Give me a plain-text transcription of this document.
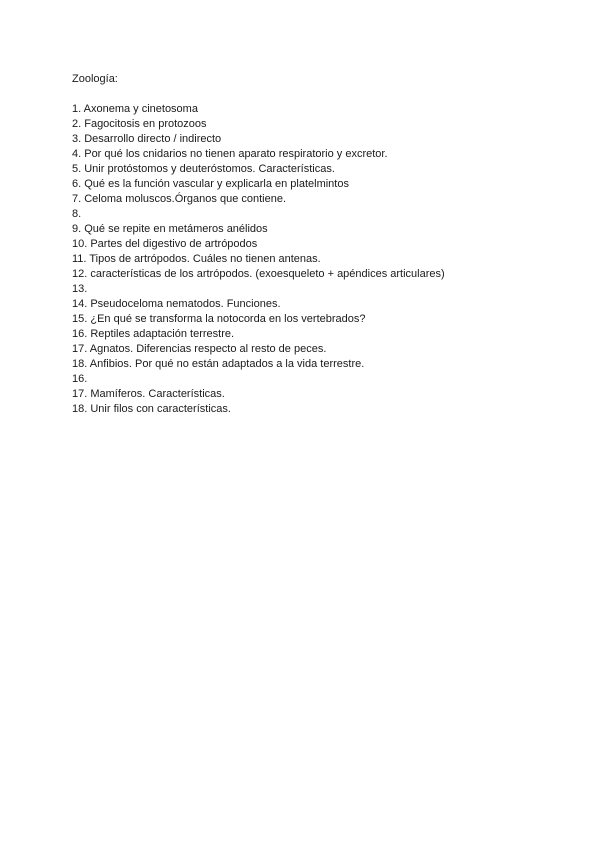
Zoología:
1. Axonema y cinetosoma
2. Fagocitosis en protozoos
3. Desarrollo directo / indirecto
4. Por qué los cnidarios no tienen aparato respiratorio y excretor.
5. Unir protóstomos y deuteróstomos. Características.
6. Qué es la función vascular y explicarla en platelmintos
7. Celoma moluscos.Órganos que contiene.
8.
9. Qué se repite en metámeros anélidos
10. Partes del digestivo de artrópodos
11. Tipos de artrópodos. Cuáles no tienen antenas.
12. características de los artrópodos. (exoesqueleto + apéndices articulares)
13.
14. Pseudoceloma nematodos. Funciones.
15. ¿En qué se transforma la notocorda en los vertebrados?
16. Reptiles adaptación terrestre.
17. Agnatos. Diferencias respecto al resto de peces.
18. Anfibios. Por qué no están adaptados a la vida terrestre.
16.
17. Mamíferos. Características.
18. Unir filos con características.
